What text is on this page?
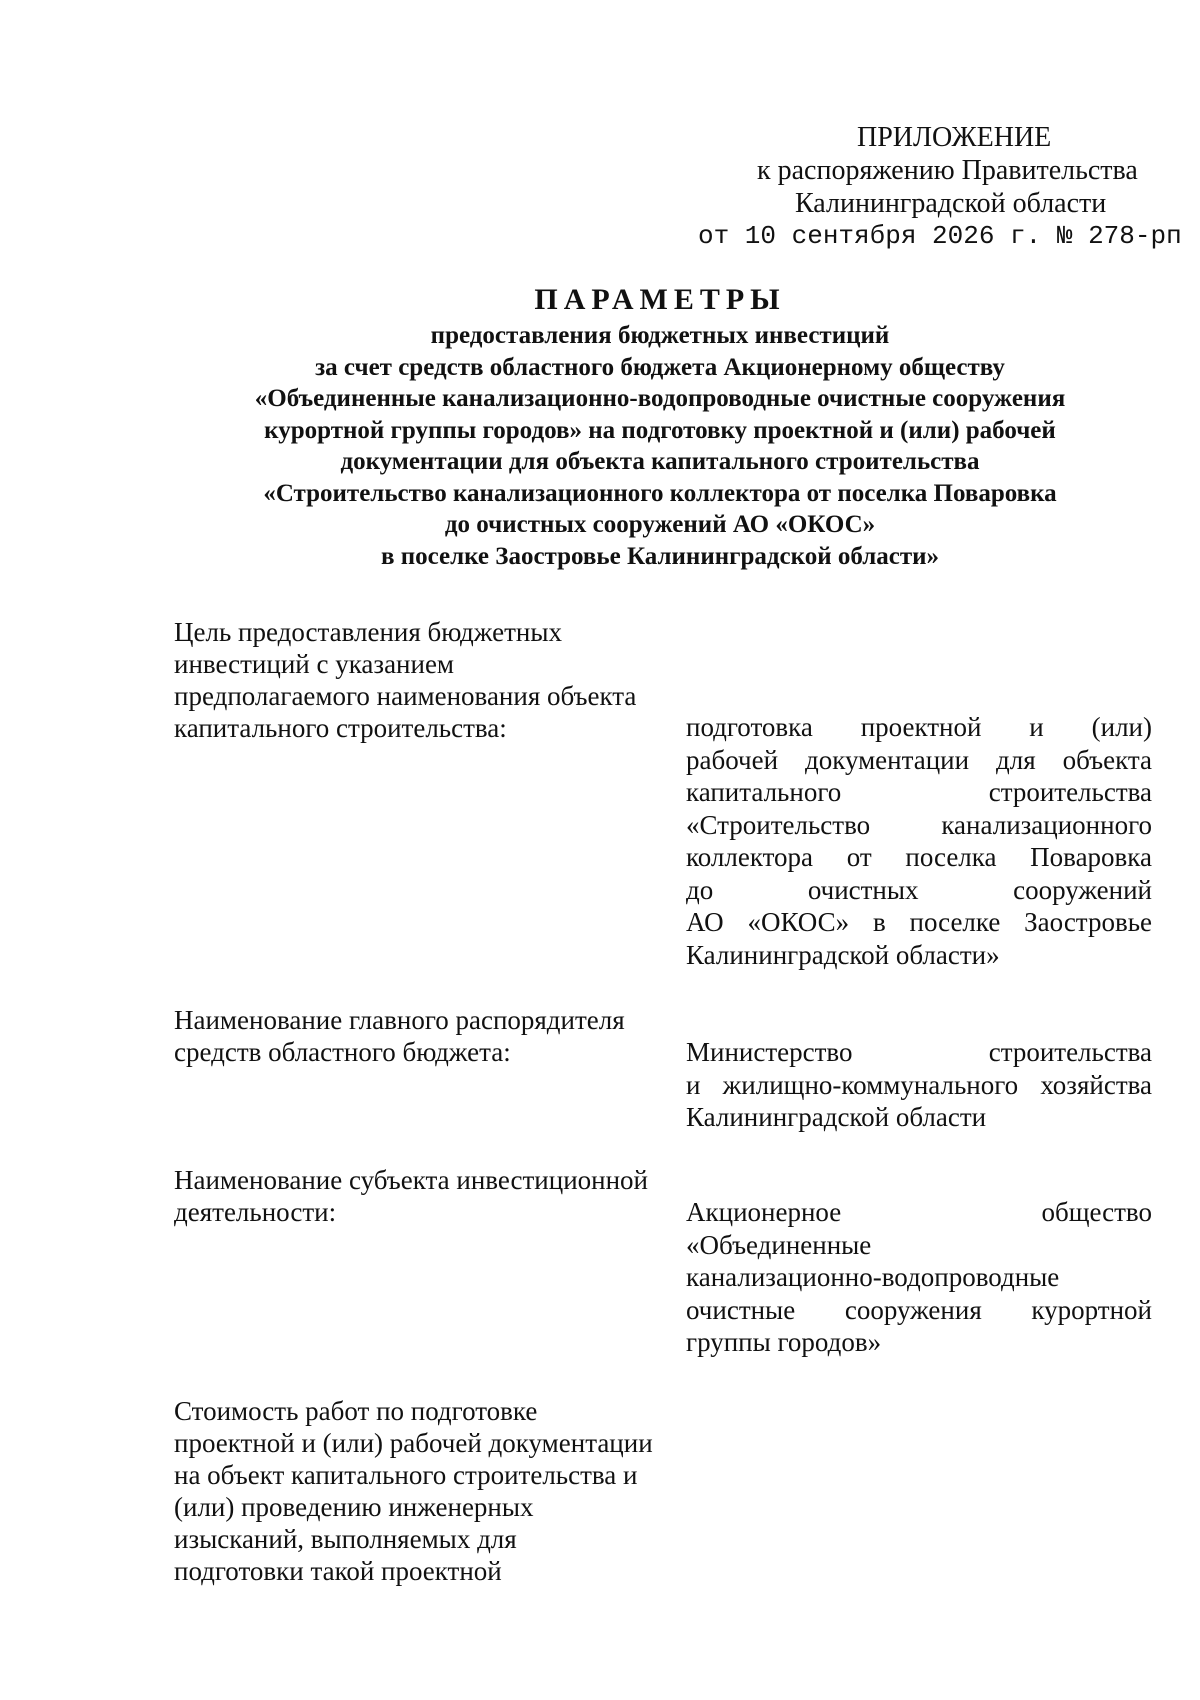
ПРИЛОЖЕНИЕ
к распоряжению Правительства
Калининградской области
от 10 сентября 2026 г. № 278-рп
ПАРАМЕТРЫ
предоставления бюджетных инвестиций
за счет средств областного бюджета Акционерному обществу
«Объединенные канализационно-водопроводные очистные сооружения
курортной группы городов» на подготовку проектной и (или) рабочей
документации для объекта капитального строительства
«Строительство канализационного коллектора от поселка Поваровка
до очистных сооружений АО «ОКОС»
в поселке Заостровье Калининградской области»
Цель предоставления бюджетных
инвестиций с указанием
предполагаемого наименования объекта
капитального строительства:	подготовка проектной и (или)
рабочей документации для объекта
капитального строительства
«Строительство канализационного
коллектора от поселка Поваровка
до очистных сооружений
АО «ОКОС» в поселке Заостровье
Калининградской области»
Наименование главного распорядителя
средств областного бюджета:	Министерство строительства
и жилищно-коммунального хозяйства
Калининградской области
Наименование субъекта инвестиционной
деятельности:	Акционерное общество
«Объединенные
канализационно-водопроводные
очистные сооружения курортной
группы городов»
Стоимость работ по подготовке
проектной и (или) рабочей документации
на объект капитального строительства и
(или) проведению инженерных
изысканий, выполняемых для
подготовки такой проектной
